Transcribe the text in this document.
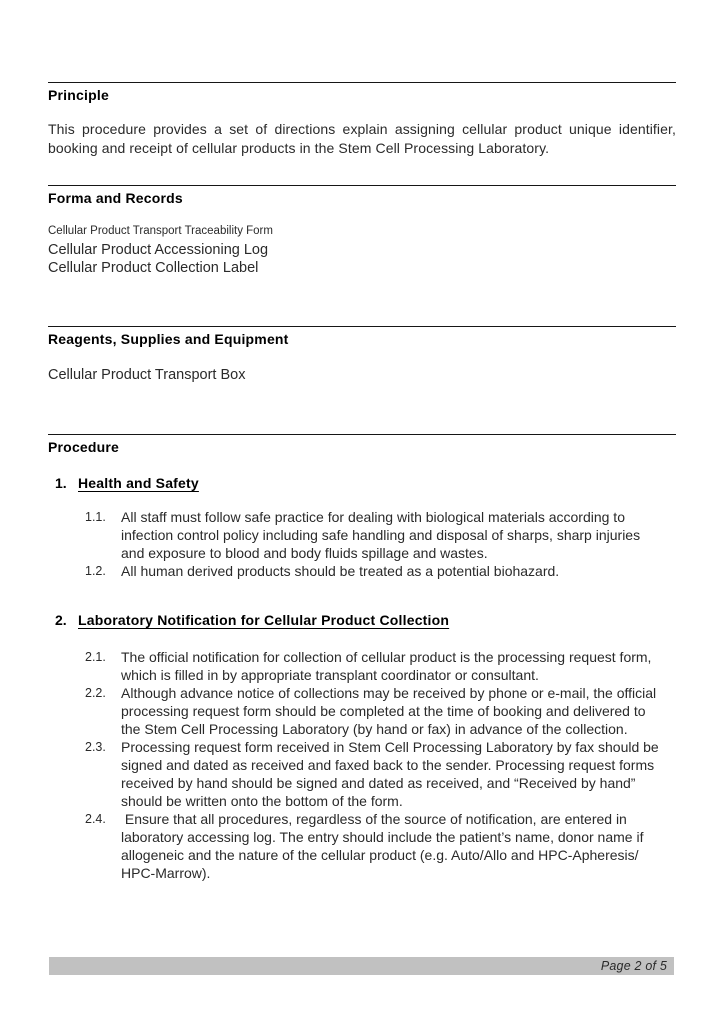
Principle

This procedure provides a set of directions explain assigning cellular product unique identifier, booking and receipt of cellular products in the Stem Cell Processing Laboratory.

Forma and Records
Cellular Product Transport Traceability Form
Cellular Product Accessioning Log
Cellular Product Collection Label
Reagents, Supplies and Equipment
Cellular Product Transport Box
Procedure
1. Health and Safety
1.1.	All staff must follow safe practice for dealing with biological materials according to infection control policy including safe handling and disposal of sharps, sharp injuries and exposure to blood and body fluids spillage and wastes.
1.2.	All human derived products should be treated as a potential biohazard.
2. Laboratory Notification for Cellular Product Collection
2.1.	The official notification for collection of cellular product is the processing request form, which is filled in by appropriate transplant coordinator or consultant.
2.2.	Although advance notice of collections may be received by phone or e-mail, the official processing request form should be completed at the time of booking and delivered to the Stem Cell Processing Laboratory (by hand or fax) in advance of the collection.
2.3.	Processing request form received in Stem Cell Processing Laboratory by fax should be signed and dated as received and faxed back to the sender. Processing request forms received by hand should be signed and dated as received, and “Received by hand” should be written onto the bottom of the form.
2.4.	Ensure that all procedures, regardless of the source of notification, are entered in laboratory accessing log. The entry should include the patient’s name, donor name if allogeneic and the nature of the cellular product (e.g. Auto/Allo and HPC-Apheresis/ HPC-Marrow).
Page 2 of 5
